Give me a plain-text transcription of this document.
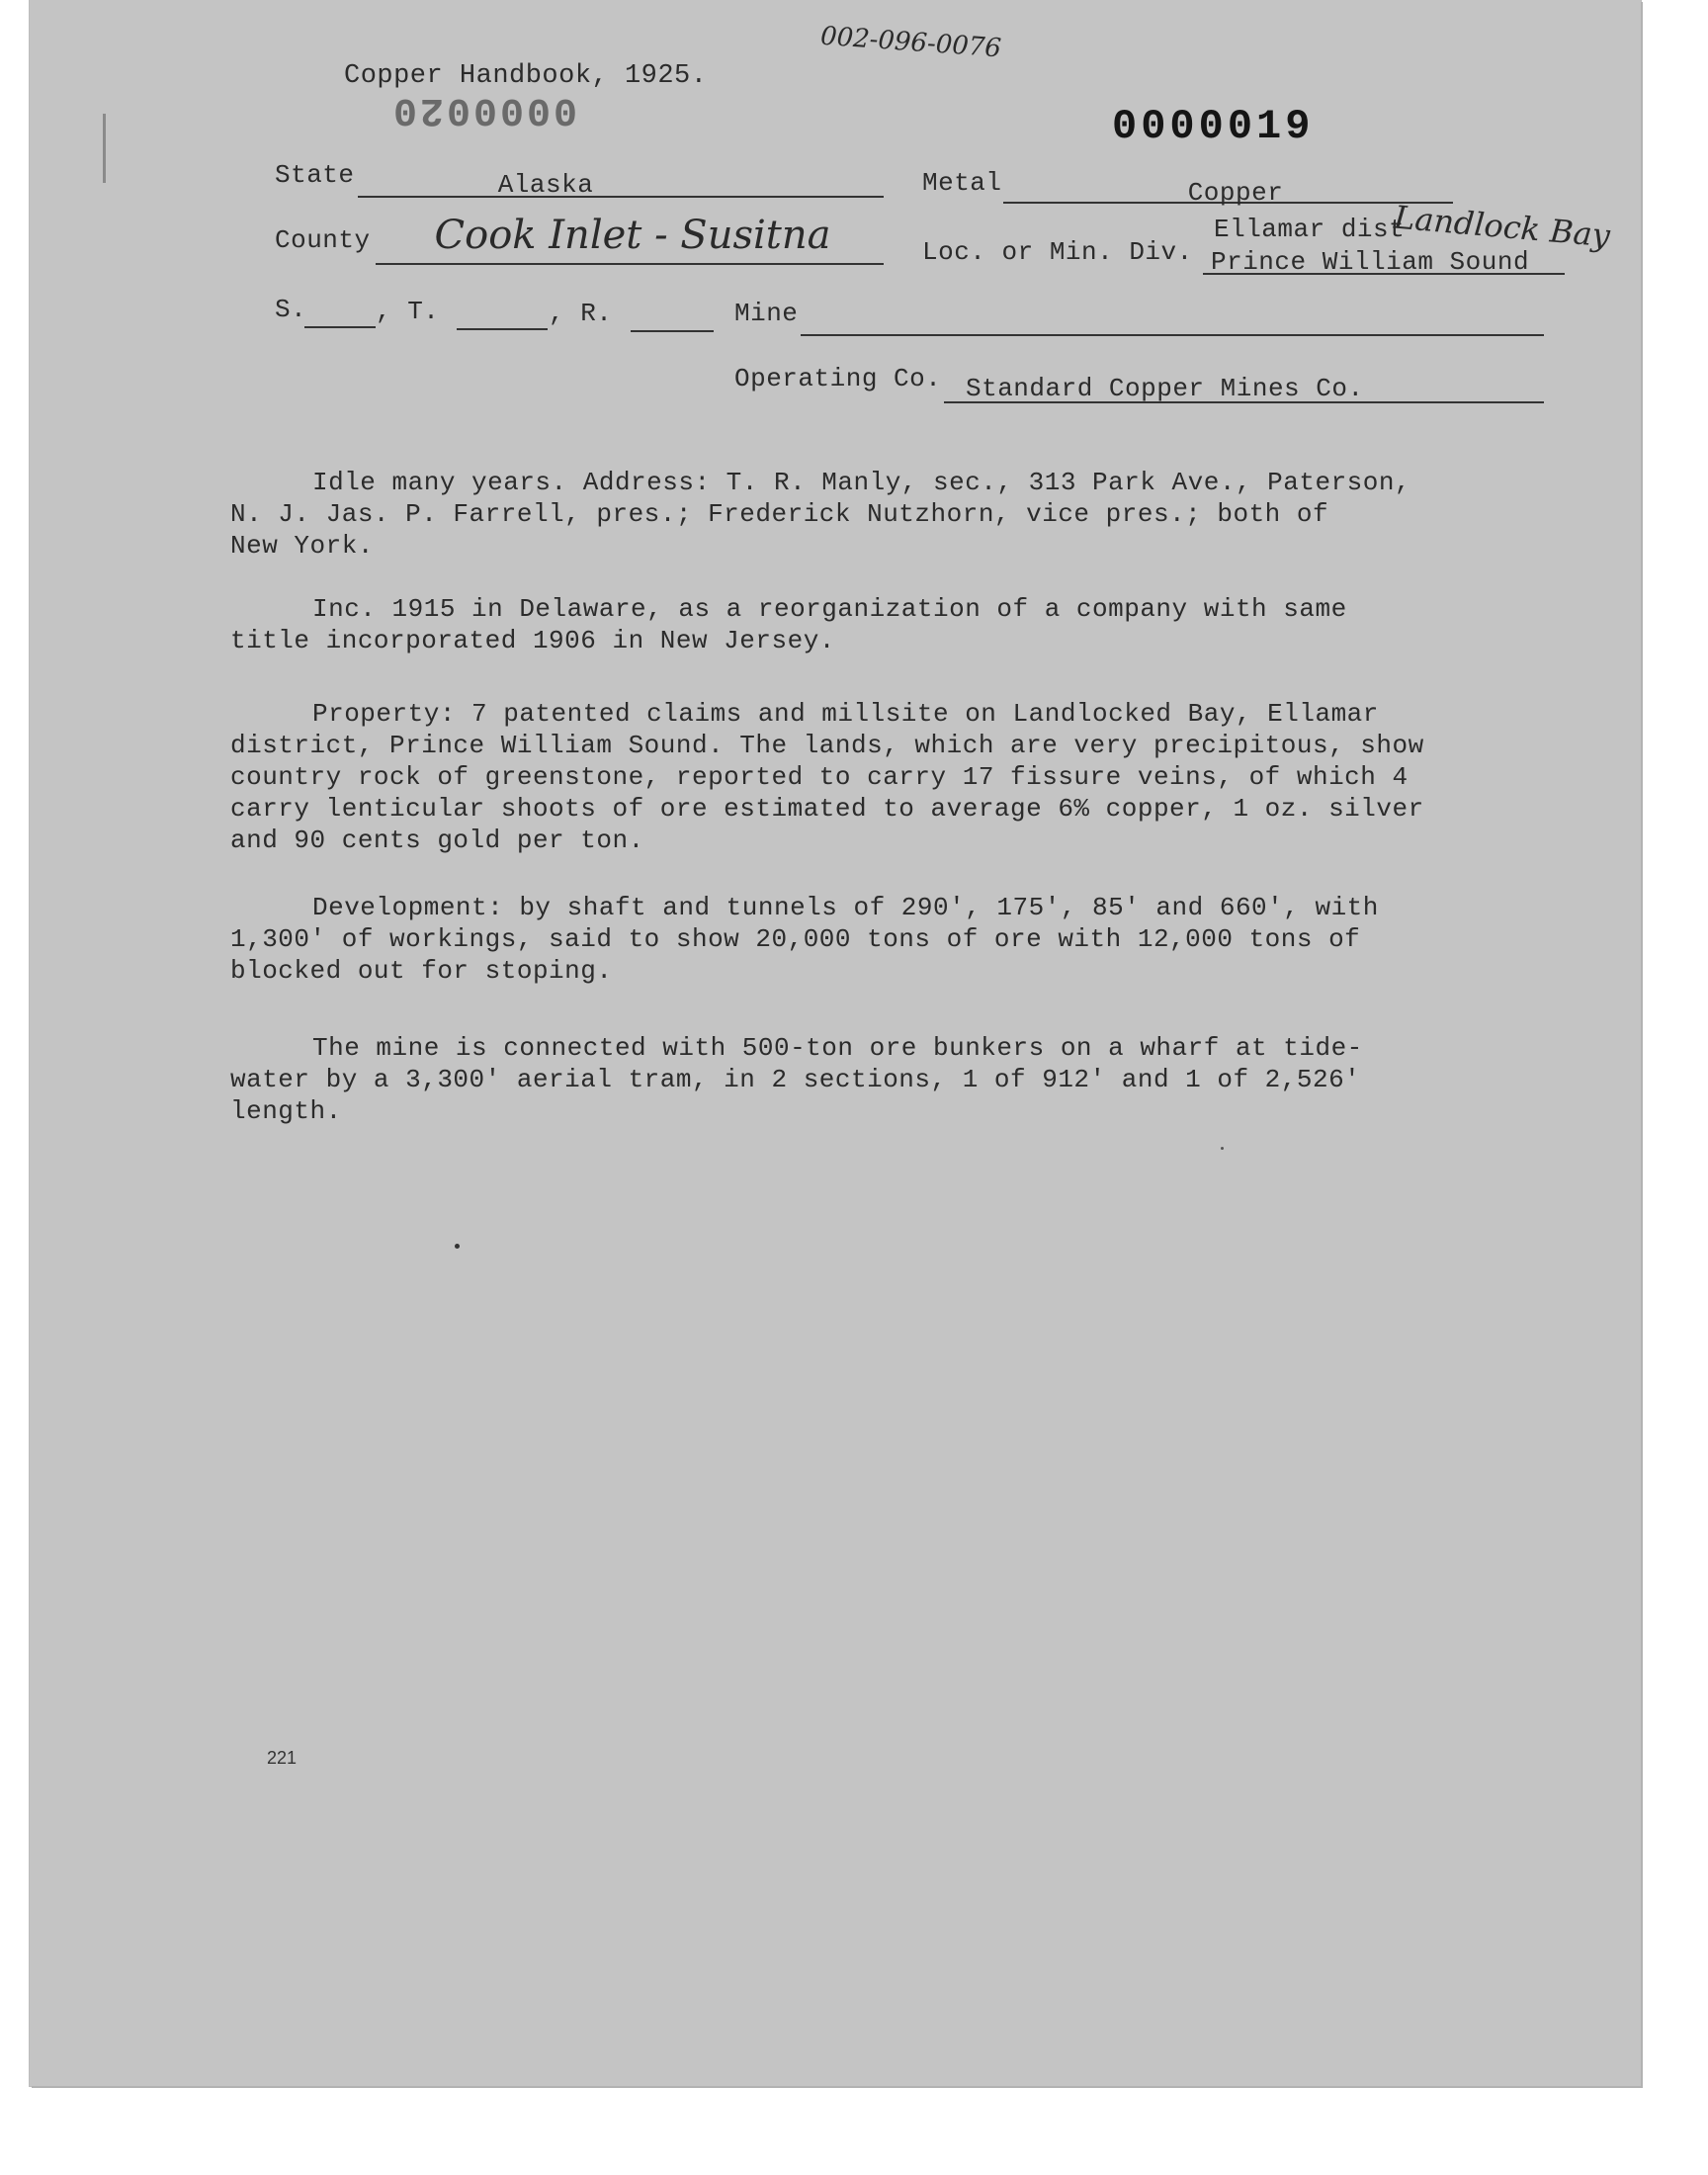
002-096-0076
Copper Handbook, 1925.
0000020	0000019
State	Alaska	Metal	Copper
County	Cook Inlet - Susitna	Loc. or Min. Div.
Ellamar dist
Landlock Bay
Prince William Sound
S.	, T.	, R.	Mine
Operating Co. Standard Copper Mines Co.
Idle many years. Address: T. R. Manly, sec., 313 Park Ave., Paterson,
N. J. Jas. P. Farrell, pres.; Frederick Nutzhorn, vice pres.; both of
New York.
Inc. 1915 in Delaware, as a reorganization of a company with same
title incorporated 1906 in New Jersey.
Property: 7 patented claims and millsite on Landlocked Bay, Ellamar
district, Prince William Sound. The lands, which are very precipitous, show
country rock of greenstone, reported to carry 17 fissure veins, of which 4
carry lenticular shoots of ore estimated to average 6% copper, 1 oz. silver
and 90 cents gold per ton.
Development: by shaft and tunnels of 290', 175', 85' and 660', with
1,300' of workings, said to show 20,000 tons of ore with 12,000 tons of
blocked out for stoping.
The mine is connected with 500-ton ore bunkers on a wharf at tide-
water by a 3,300' aerial tram, in 2 sections, 1 of 912' and 1 of 2,526'
length.
221
